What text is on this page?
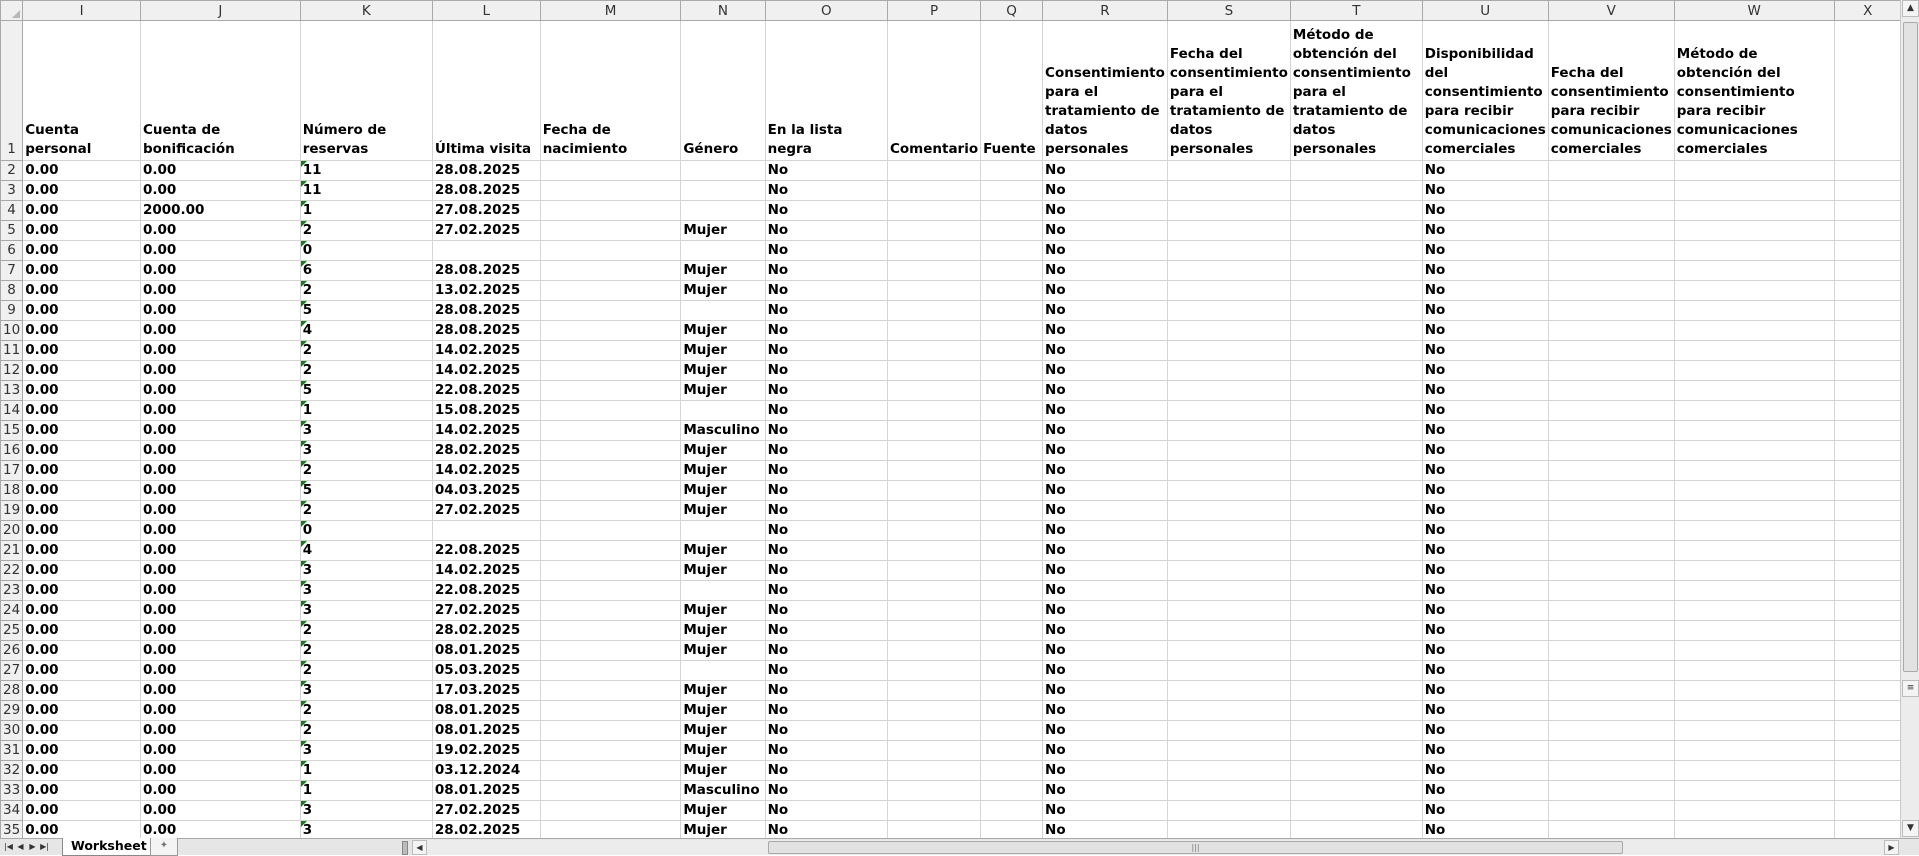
	I	J	K	L	M	N	O	P	Q	R	S	T	U	V	W	X	
1	Cuenta personal	Cuenta de bonificación	Número de reservas	Última visita	Fecha de nacimiento	Género	En la lista negra	Comentario	Fuente	Consentimiento para el tratamiento de datos personales	Fecha del consentimiento para el tratamiento de datos personales	Método de obtención del consentimiento para el tratamiento de datos personales	Disponibilidad del consentimiento para recibir comunicaciones comerciales	Fecha del consentimiento para recibir comunicaciones comerciales	Método de obtención del consentimiento para recibir comunicaciones comerciales		
2	0.00	0.00	11	28.08.2025			No			No			No				
3	0.00	0.00	11	28.08.2025			No			No			No				
4	0.00	2000.00	1	27.08.2025			No			No			No				
5	0.00	0.00	2	27.02.2025		Mujer	No			No			No				
6	0.00	0.00	0				No			No			No				
7	0.00	0.00	6	28.08.2025		Mujer	No			No			No				
8	0.00	0.00	2	13.02.2025		Mujer	No			No			No				
9	0.00	0.00	5	28.08.2025			No			No			No				
10	0.00	0.00	4	28.08.2025		Mujer	No			No			No				
11	0.00	0.00	2	14.02.2025		Mujer	No			No			No				
12	0.00	0.00	2	14.02.2025		Mujer	No			No			No				
13	0.00	0.00	5	22.08.2025		Mujer	No			No			No				
14	0.00	0.00	1	15.08.2025			No			No			No				
15	0.00	0.00	3	14.02.2025		Masculino	No			No			No				
16	0.00	0.00	3	28.02.2025		Mujer	No			No			No				
17	0.00	0.00	2	14.02.2025		Mujer	No			No			No				
18	0.00	0.00	5	04.03.2025		Mujer	No			No			No				
19	0.00	0.00	2	27.02.2025		Mujer	No			No			No				
20	0.00	0.00	0				No			No			No				
21	0.00	0.00	4	22.08.2025		Mujer	No			No			No				
22	0.00	0.00	3	14.02.2025		Mujer	No			No			No				
23	0.00	0.00	3	22.08.2025			No			No			No				
24	0.00	0.00	3	27.02.2025		Mujer	No			No			No				
25	0.00	0.00	2	28.02.2025		Mujer	No			No			No				
26	0.00	0.00	2	08.01.2025		Mujer	No			No			No				
27	0.00	0.00	2	05.03.2025			No			No			No				
28	0.00	0.00	3	17.03.2025		Mujer	No			No			No				
29	0.00	0.00	2	08.01.2025		Mujer	No			No			No				
30	0.00	0.00	2	08.01.2025		Mujer	No			No			No				
31	0.00	0.00	3	19.02.2025		Mujer	No			No			No				
32	0.00	0.00	1	03.12.2024		Mujer	No			No			No				
33	0.00	0.00	1	08.01.2025		Masculino	No			No			No				
34	0.00	0.00	3	27.02.2025		Mujer	No			No			No				
35	0.00	0.00	3	28.02.2025		Mujer	No			No			No				
▲
≡
▼
|◀ ◀ ▶ ▶|	Worksheet	✦	◀	|||	▶
